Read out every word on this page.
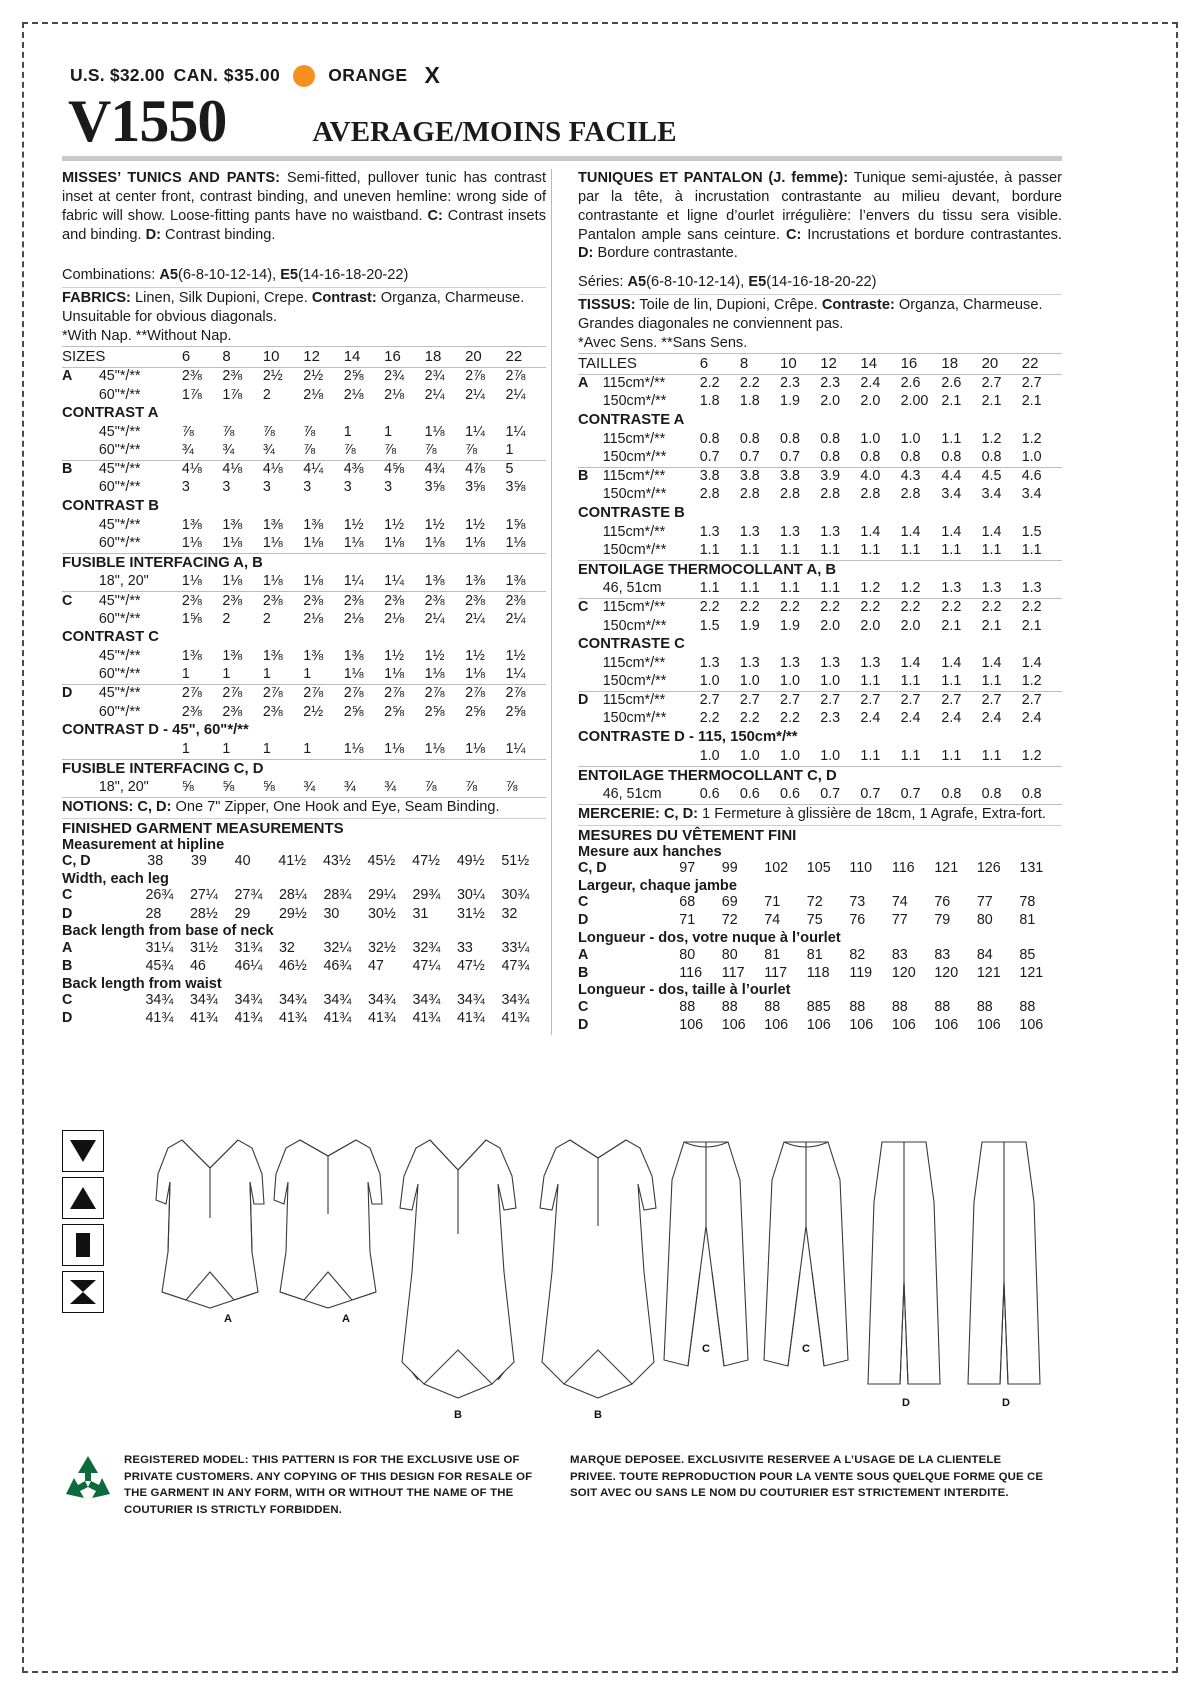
U.S. $32.00 CAN. $35.00	ORANGE X
V1550	AVERAGE/MOINS FACILE
MISSES’ TUNICS AND PANTS: Semi-fitted, pullover tunic has contrast inset at center front, contrast binding, and uneven hemline: wrong side of fabric will show. Loose-fitting pants have no waistband. C: Contrast insets and binding. D: Contrast binding.
Combinations: A5(6-8-10-12-14), E5(14-16-18-20-22)
FABRICS: Linen, Silk Dupioni, Crepe. Contrast: Organza, Charmeuse.
Unsuitable for obvious diagonals.
*With Nap. **Without Nap.

SIZES		6	8	10	12	14	16	18	20	22

A	45"*/**	2⅜	2⅜	2½	2½	2⅝	2¾	2¾	2⅞	2⅞
	60"*/**	1⅞	1⅞	2	2⅛	2⅛	2⅛	2¼	2¼	2¼
CONTRAST A										
	45"*/**	⅞	⅞	⅞	⅞	1	1	1⅛	1¼	1¼
	60"*/**	¾	¾	¾	⅞	⅞	⅞	⅞	⅞	1

B	45"*/**	4⅛	4⅛	4⅛	4¼	4⅜	4⅝	4¾	4⅞	5
	60"*/**	3	3	3	3	3	3	3⅝	3⅝	3⅝
CONTRAST B										
	45"*/**	1⅜	1⅜	1⅜	1⅜	1½	1½	1½	1½	1⅝
	60"*/**	1⅛	1⅛	1⅛	1⅛	1⅛	1⅛	1⅛	1⅛	1⅛

FUSIBLE INTERFACING A, B										
	18", 20"	1⅛	1⅛	1⅛	1⅛	1¼	1¼	1⅜	1⅜	1⅜

C	45"*/**	2⅜	2⅜	2⅜	2⅜	2⅜	2⅜	2⅜	2⅜	2⅜
	60"*/**	1⅝	2	2	2⅛	2⅛	2⅛	2¼	2¼	2¼
CONTRAST C										
	45"*/**	1⅜	1⅜	1⅜	1⅜	1⅜	1½	1½	1½	1½
	60"*/**	1	1	1	1	1⅛	1⅛	1⅛	1⅛	1¼

D	45"*/**	2⅞	2⅞	2⅞	2⅞	2⅞	2⅞	2⅞	2⅞	2⅞
	60"*/**	2⅜	2⅜	2⅜	2½	2⅝	2⅝	2⅝	2⅝	2⅝
CONTRAST D - 45", 60"*/**										
		1	1	1	1	1⅛	1⅛	1⅛	1⅛	1¼

FUSIBLE INTERFACING C, D										
	18", 20"	⅝	⅝	⅝	¾	¾	¾	⅞	⅞	⅞

NOTIONS: C, D: One 7" Zipper, One Hook and Eye, Seam Binding.
FINISHED GARMENT MEASUREMENTS
Measurement at hipline
C, D	38	39	40	41½	43½	45½	47½	49½	51½
Width, each leg
C	26¾	27¼	27¾	28¼	28¾	29¼	29¾	30¼	30¾
D	28	28½	29	29½	30	30½	31	31½	32
Back length from base of neck
A	31¼	31½	31¾	32	32¼	32½	32¾	33	33¼
B	45¾	46	46¼	46½	46¾	47	47¼	47½	47¾
Back length from waist
C	34¾	34¾	34¾	34¾	34¾	34¾	34¾	34¾	34¾
D	41¾	41¾	41¾	41¾	41¾	41¾	41¾	41¾	41¾
TUNIQUES ET PANTALON (J. femme): Tunique semi-ajustée, à passer par la tête, à incrustation contrastante au milieu devant, bordure contrastante et ligne d’ourlet irrégulière: l’envers du tissu sera visible. Pantalon ample sans ceinture. C: Incrustations et bordure contrastantes. D: Bordure contrastante.
Séries: A5(6-8-10-12-14), E5(14-16-18-20-22)
TISSUS: Toile de lin, Dupioni, Crêpe. Contraste: Organza, Charmeuse.
Grandes diagonales ne conviennent pas.
*Avec Sens. **Sans Sens.

TAILLES		6	8	10	12	14	16	18	20	22

A	115cm*/**	2.2	2.2	2.3	2.3	2.4	2.6	2.6	2.7	2.7
	150cm*/**	1.8	1.8	1.9	2.0	2.0	2.00	2.1	2.1	2.1
CONTRASTE A										
	115cm*/**	0.8	0.8	0.8	0.8	1.0	1.0	1.1	1.2	1.2
	150cm*/**	0.7	0.7	0.7	0.8	0.8	0.8	0.8	0.8	1.0

B	115cm*/**	3.8	3.8	3.8	3.9	4.0	4.3	4.4	4.5	4.6
	150cm*/**	2.8	2.8	2.8	2.8	2.8	2.8	3.4	3.4	3.4
CONTRASTE B										
	115cm*/**	1.3	1.3	1.3	1.3	1.4	1.4	1.4	1.4	1.5
	150cm*/**	1.1	1.1	1.1	1.1	1.1	1.1	1.1	1.1	1.1

ENTOILAGE THERMOCOLLANT A, B										
	46, 51cm	1.1	1.1	1.1	1.1	1.2	1.2	1.3	1.3	1.3

C	115cm*/**	2.2	2.2	2.2	2.2	2.2	2.2	2.2	2.2	2.2
	150cm*/**	1.5	1.9	1.9	2.0	2.0	2.0	2.1	2.1	2.1
CONTRASTE C										
	115cm*/**	1.3	1.3	1.3	1.3	1.3	1.4	1.4	1.4	1.4
	150cm*/**	1.0	1.0	1.0	1.0	1.1	1.1	1.1	1.1	1.2

D	115cm*/**	2.7	2.7	2.7	2.7	2.7	2.7	2.7	2.7	2.7
	150cm*/**	2.2	2.2	2.2	2.3	2.4	2.4	2.4	2.4	2.4
CONTRASTE D - 115, 150cm*/**										
		1.0	1.0	1.0	1.0	1.1	1.1	1.1	1.1	1.2

ENTOILAGE THERMOCOLLANT C, D										
	46, 51cm	0.6	0.6	0.6	0.7	0.7	0.7	0.8	0.8	0.8

MERCERIE: C, D: 1 Fermeture à glissière de 18cm, 1 Agrafe, Extra-fort.
MESURES DU VÊTEMENT FINI
Mesure aux hanches
C, D	97	99	102	105	110	116	121	126	131
Largeur, chaque jambe
C	68	69	71	72	73	74	76	77	78
D	71	72	74	75	76	77	79	80	81
Longueur - dos, votre nuque à l’ourlet
A	80	80	81	81	82	83	83	84	85
B	116	117	117	118	119	120	120	121	121
Longueur - dos, taille à l’ourlet
C	88	88	88	885	88	88	88	88	88
D	106	106	106	106	106	106	106	106	106
A	A
B	B
C	C
D	D
REGISTERED MODEL: THIS PATTERN IS FOR THE EXCLUSIVE USE OF PRIVATE CUSTOMERS. ANY COPYING OF THIS DESIGN FOR RESALE OF THE GARMENT IN ANY FORM, WITH OR WITHOUT THE NAME OF THE COUTURIER IS STRICTLY FORBIDDEN.
MARQUE DEPOSEE. EXCLUSIVITE RESERVEE A L’USAGE DE LA CLIENTELE PRIVEE. TOUTE REPRODUCTION POUR LA VENTE SOUS QUELQUE FORME QUE CE SOIT AVEC OU SANS LE NOM DU COUTURIER EST STRICTEMENT INTERDITE.
